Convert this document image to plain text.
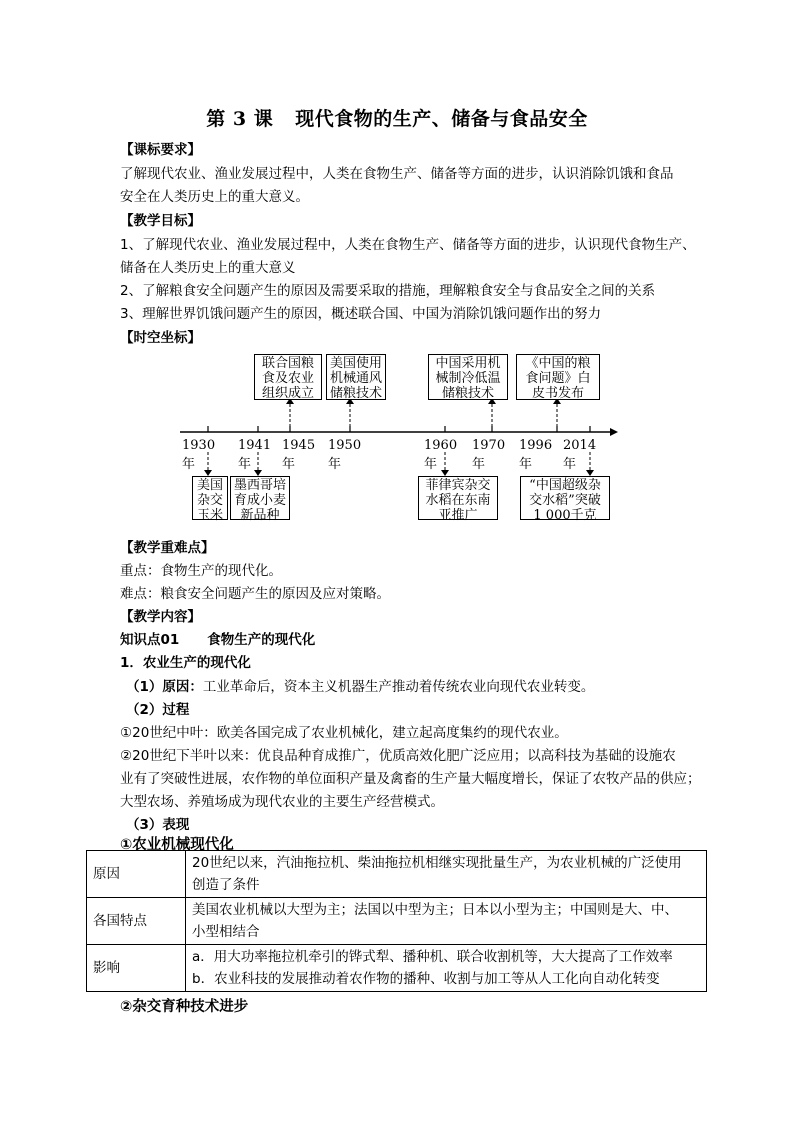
第 3 课 现代食物的生产、储备与食品安全
【课标要求】
了解现代农业、渔业发展过程中，人类在食物生产、储备等方面的进步，认识消除饥饿和食品
安全在人类历史上的重大意义。
【教学目标】
1、了解现代农业、渔业发展过程中，人类在食物生产、储备等方面的进步，认识现代食物生产、
储备在人类历史上的重大意义
2、了解粮食安全问题产生的原因及需要采取的措施，理解粮食安全与食品安全之间的关系
3、理解世界饥饿问题产生的原因，概述联合国、中国为消除饥饿问题作出的努力
【时空坐标】
联合国粮
食及农业
组织成立
美国使用
机械通风
储粮技术
中国采用机
械制冷低温
储粮技术
《中国的粮
食问题》白
皮书发布
1930年
1941年
1945年
1950年
1960年
1970年
1996年
2014年
美国
杂交
玉米
墨西哥培
育成小麦
新品种
菲律宾杂交
水稻在东南
亚推广
“中国超级杂
交水稻”突破
1 000千克
【教学重难点】
重点：食物生产的现代化。
难点：粮食安全问题产生的原因及应对策略。
【教学内容】
知识点01 食物生产的现代化
1．农业生产的现代化
（1）原因：工业革命后，资本主义机器生产推动着传统农业向现代农业转变。
（2）过程
①20世纪中叶：欧美各国完成了农业机械化，建立起高度集约的现代农业。
②20世纪下半叶以来：优良品种育成推广，优质高效化肥广泛应用；以高科技为基础的设施农
业有了突破性进展，农作物的单位面积产量及禽畜的生产量大幅度增长，保证了农牧产品的供应；
大型农场、养殖场成为现代农业的主要生产经营模式。
（3）表现
①农业机械现代化
原因	20世纪以来，汽油拖拉机、柴油拖拉机相继实现批量生产，为农业机械的广泛使用
创造了条件

各国特点	美国农业机械以大型为主；法国以中型为主；日本以小型为主；中国则是大、中、
小型相结合

影响	a．用大功率拖拉机牵引的铧式犁、播种机、联合收割机等，大大提高了工作效率
b．农业科技的发展推动着农作物的播种、收割与加工等从人工化向自动化转变
②杂交育种技术进步
